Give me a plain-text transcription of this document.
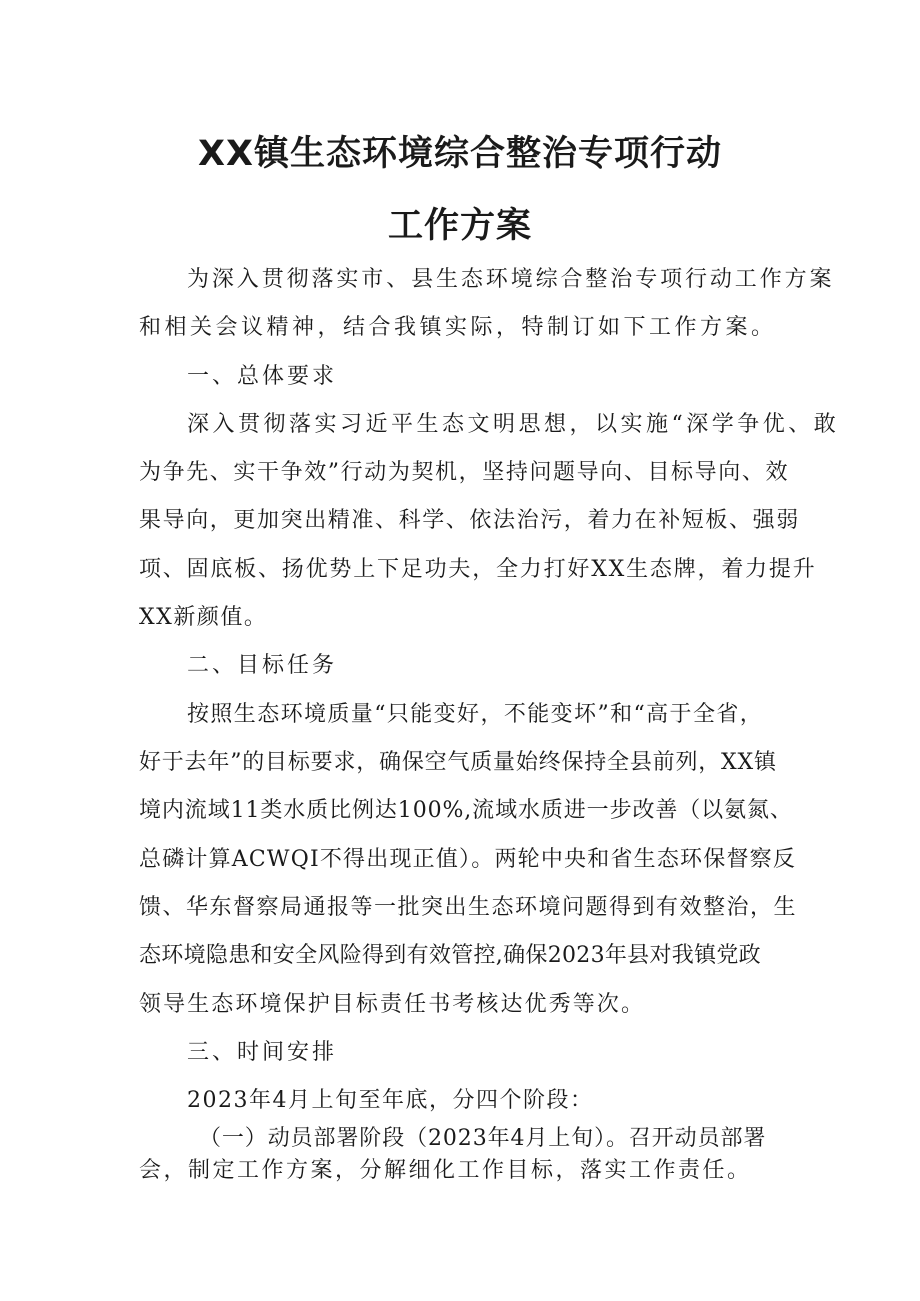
XX镇生态环境综合整治专项行动
工作方案
为深入贯彻落实市、县生态环境综合整治专项行动工作方案
和相关会议精神，结合我镇实际，特制订如下工作方案。
一、总体要求
深入贯彻落实习近平生态文明思想，以实施“深学争优、敢
为争先、实干争效”行动为契机，坚持问题导向、目标导向、效
果导向，更加突出精准、科学、依法治污，着力在补短板、强弱
项、固底板、扬优势上下足功夫，全力打好XX生态牌，着力提升
XX新颜值。
二、目标任务
按照生态环境质量“只能变好，不能变坏”和“高于全省，
好于去年”的目标要求，确保空气质量始终保持全县前列，XX镇
境内流域11类水质比例达100%,流域水质进一步改善（以氨氮、
总磷计算ACWQI不得出现正值）。两轮中央和省生态环保督察反
馈、华东督察局通报等一批突出生态环境问题得到有效整治，生
态环境隐患和安全风险得到有效管控,确保2023年县对我镇党政
领导生态环境保护目标责任书考核达优秀等次。
三、时间安排
2023年4月上旬至年底，分四个阶段：
（一）动员部署阶段（2023年4月上旬）。召开动员部署
会，制定工作方案，分解细化工作目标，落实工作责任。
